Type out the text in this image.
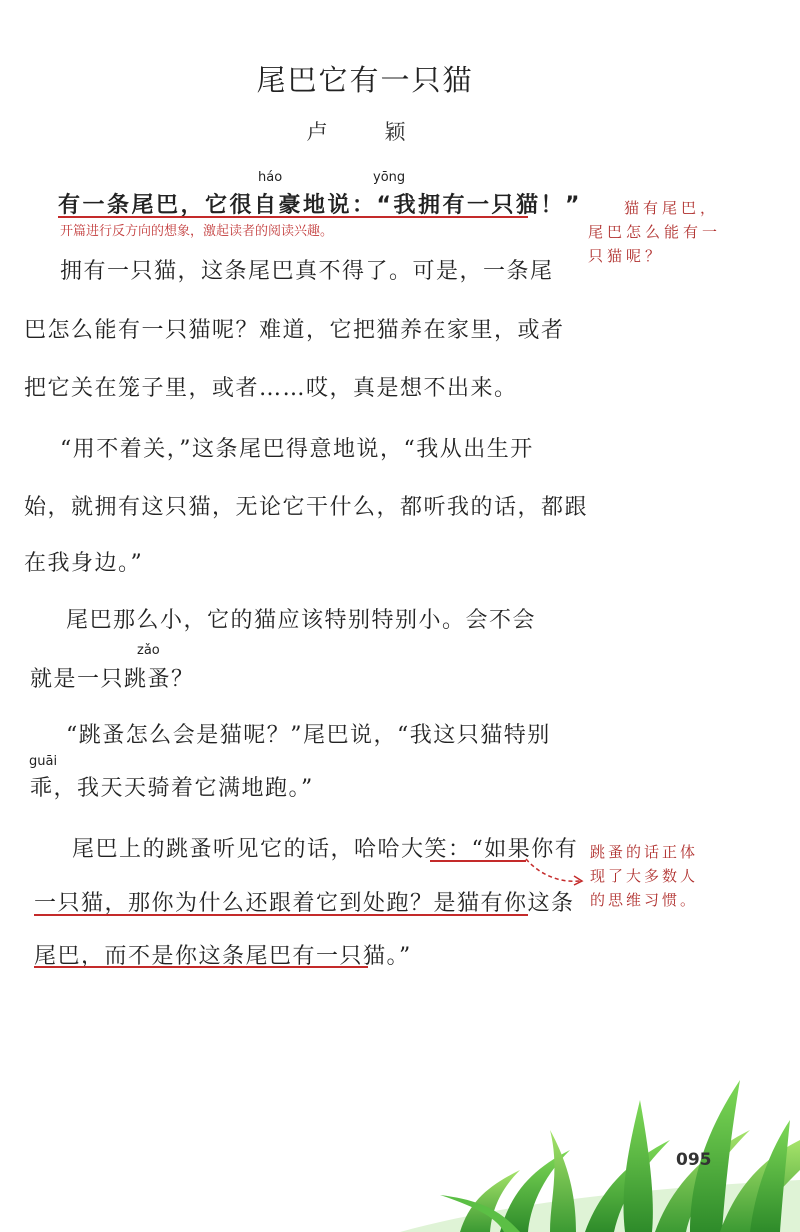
尾巴它有一只猫
卢　颖
háo	yōng
有一条尾巴，它很自豪地说：“我拥有一只猫！”
开篇进行反方向的想象，激起读者的阅读兴趣。
拥有一只猫，这条尾巴真不得了。可是，一条尾
巴怎么能有一只猫呢？难道，它把猫养在家里，或者
把它关在笼子里，或者……哎，真是想不出来。
“用不着关，”这条尾巴得意地说，“我从出生开
始，就拥有这只猫，无论它干什么，都听我的话，都跟
在我身边。”
尾巴那么小，它的猫应该特别特别小。会不会
zǎo
就是一只跳蚤？
“跳蚤怎么会是猫呢？”尾巴说，“我这只猫特别
guāi
乖，我天天骑着它满地跑。”
尾巴上的跳蚤听见它的话，哈哈大笑：“如果你有
一只猫，那你为什么还跟着它到处跑？是猫有你这条
尾巴，而不是你这条尾巴有一只猫。”
猫有尾巴，
尾巴怎么能有一
只猫呢？
跳蚤的话正体
现了大多数人
的思维习惯。
095
